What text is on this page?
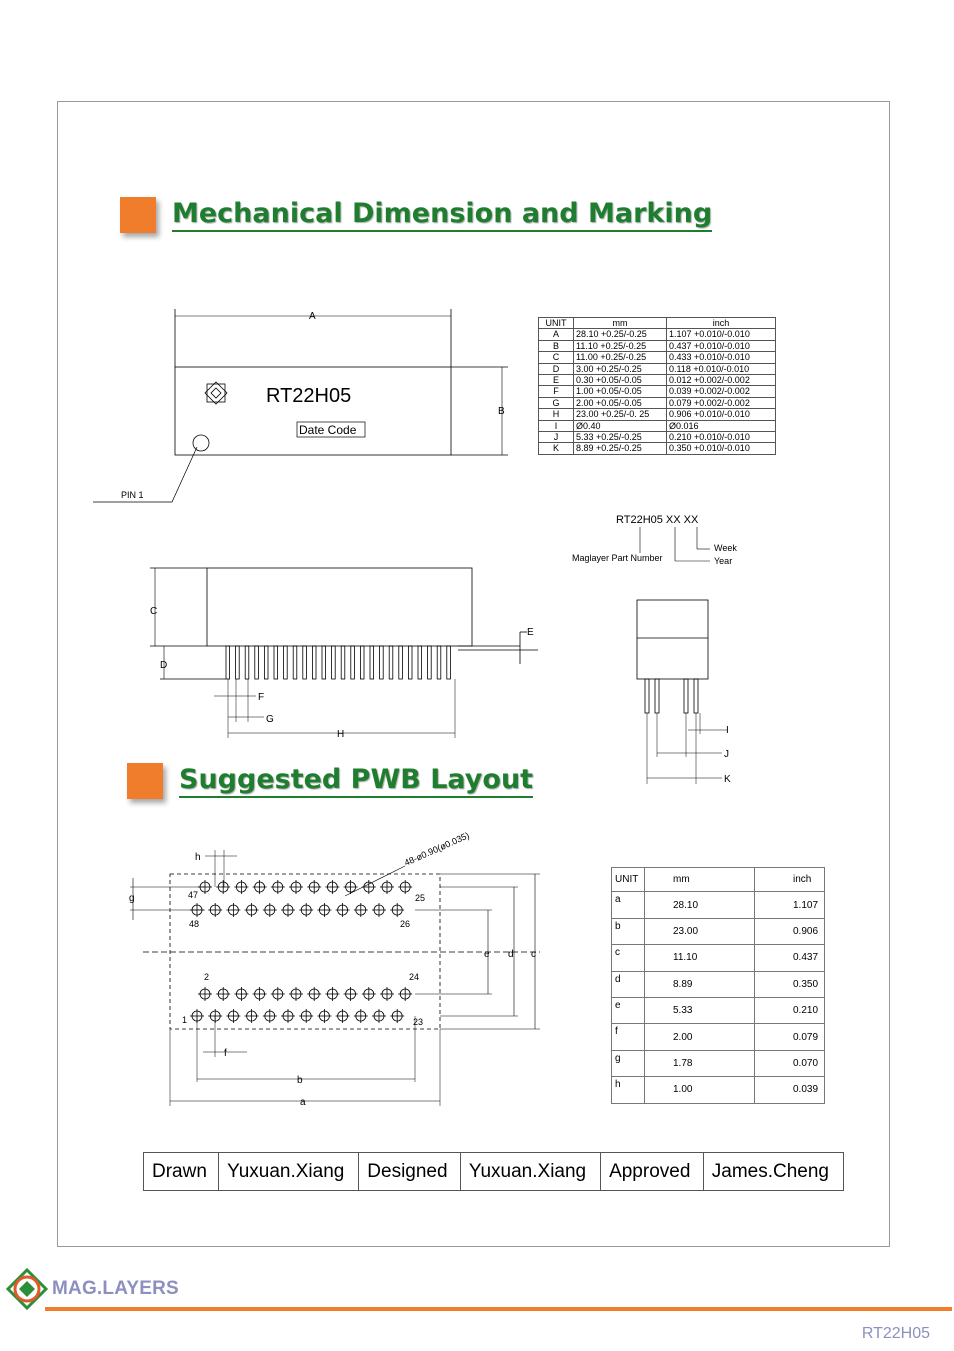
Mechanical Dimension and Marking
Suggested PWB Layout
A
B
RT22H05
Date Code
PIN 1
RT22H05 XX XX
Week
Year
Maglayer Part Number
C
D
E
F
G
H	I
J
K
48-ø0.90(ø0.035)
47	25
48	26
2	24
1	23
c
d
e
g
h
f
b
a
UNIT	mm	inch
A	28.10 +0.25/-0.25	1.107 +0.010/-0.010
B	11.10 +0.25/-0.25	0.437 +0.010/-0.010
C	11.00 +0.25/-0.25	0.433 +0.010/-0.010
D	3.00 +0.25/-0.25	0.118 +0.010/-0.010
E	0.30 +0.05/-0.05	0.012 +0.002/-0.002
F	1.00 +0.05/-0.05	0.039 +0.002/-0.002
G	2.00 +0.05/-0.05	0.079 +0.002/-0.002
H	23.00 +0.25/-0. 25	0.906 +0.010/-0.010
I	Ø0.40	Ø0.016
J	5.33 +0.25/-0.25	0.210 +0.010/-0.010
K	8.89 +0.25/-0.25	0.350 +0.010/-0.010
UNIT	mm	inch
a	28.10	1.107
b	23.00	0.906
c	11.10	0.437
d	8.89	0.350
e	5.33	0.210
f	2.00	0.079
g	1.78	0.070
h	1.00	0.039
Drawn	Yuxuan.Xiang	Designed	Yuxuan.Xiang	Approved	James.Cheng
MAG.LAYERS
RT22H05
